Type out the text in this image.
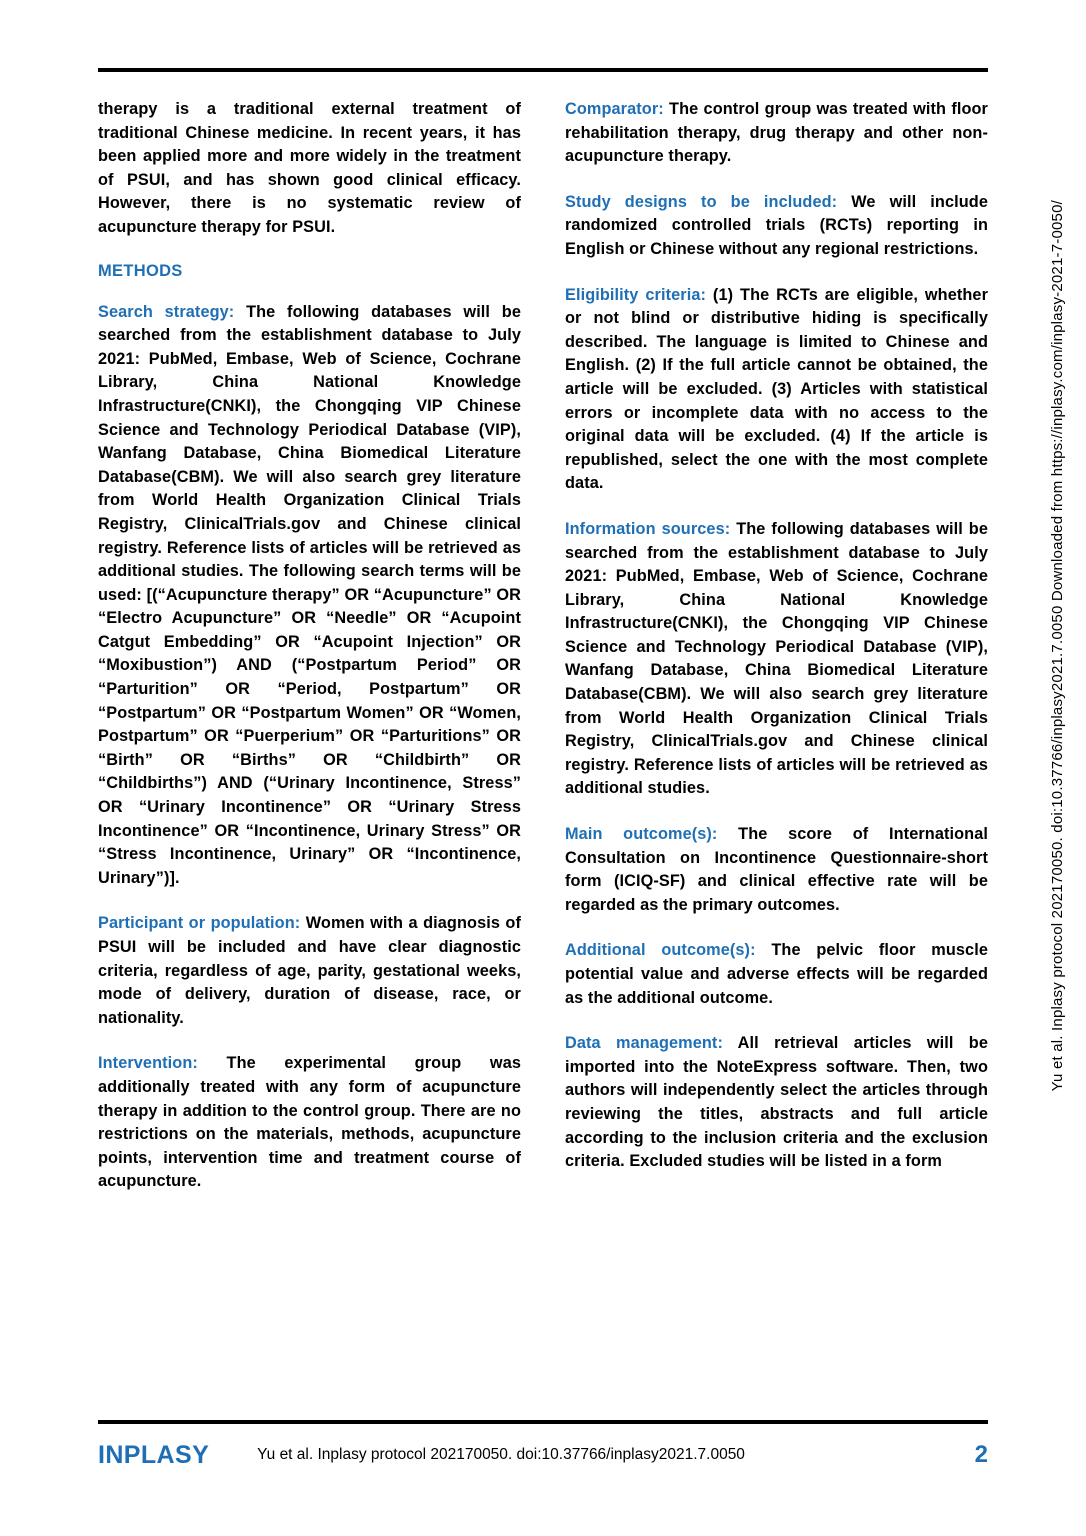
therapy is a traditional external treatment of traditional Chinese medicine. In recent years, it has been applied more and more widely in the treatment of PSUI, and has shown good clinical efficacy. However, there is no systematic review of acupuncture therapy for PSUI.

METHODS

Search strategy: The following databases will be searched from the establishment database to July 2021: PubMed, Embase, Web of Science, Cochrane Library, China National Knowledge Infrastructure(CNKI), the Chongqing VIP Chinese Science and Technology Periodical Database (VIP), Wanfang Database, China Biomedical Literature Database(CBM). We will also search grey literature from World Health Organization Clinical Trials Registry, ClinicalTrials.gov and Chinese clinical registry. Reference lists of articles will be retrieved as additional studies. The following search terms will be used: [(“Acupuncture therapy” OR “Acupuncture” OR “Electro Acupuncture” OR “Needle” OR “Acupoint Catgut Embedding” OR “Acupoint Injection” OR “Moxibustion”) AND (“Postpartum Period” OR “Parturition” OR “Period, Postpartum” OR “Postpartum” OR “Postpartum Women” OR “Women, Postpartum” OR “Puerperium” OR “Parturitions” OR “Birth” OR “Births” OR “Childbirth” OR “Childbirths”) AND (“Urinary Incontinence, Stress” OR “Urinary Incontinence” OR “Urinary Stress Incontinence” OR “Incontinence, Urinary Stress” OR “Stress Incontinence, Urinary” OR “Incontinence, Urinary”)].

Participant or population: Women with a diagnosis of PSUI will be included and have clear diagnostic criteria, regardless of age, parity, gestational weeks, mode of delivery, duration of disease, race, or nationality.

Intervention: The experimental group was additionally treated with any form of acupuncture therapy in addition to the control group. There are no restrictions on the materials, methods, acupuncture points, intervention time and treatment course of acupuncture.

Comparator: The control group was treated with floor rehabilitation therapy, drug therapy and other non-acupuncture therapy.

Study designs to be included: We will include randomized controlled trials (RCTs) reporting in English or Chinese without any regional restrictions.

Eligibility criteria: (1) The RCTs are eligible, whether or not blind or distributive hiding is specifically described. The language is limited to Chinese and English. (2) If the full article cannot be obtained, the article will be excluded. (3) Articles with statistical errors or incomplete data with no access to the original data will be excluded. (4) If the article is republished, select the one with the most complete data.

Information sources: The following databases will be searched from the establishment database to July 2021: PubMed, Embase, Web of Science, Cochrane Library, China National Knowledge Infrastructure(CNKI), the Chongqing VIP Chinese Science and Technology Periodical Database (VIP), Wanfang Database, China Biomedical Literature Database(CBM). We will also search grey literature from World Health Organization Clinical Trials Registry, ClinicalTrials.gov and Chinese clinical registry. Reference lists of articles will be retrieved as additional studies.

Main outcome(s): The score of International Consultation on Incontinence Questionnaire-short form (ICIQ-SF) and clinical effective rate will be regarded as the primary outcomes.

Additional outcome(s): The pelvic floor muscle potential value and adverse effects will be regarded as the additional outcome.

Data management: All retrieval articles will be imported into the NoteExpress software. Then, two authors will independently select the articles through reviewing the titles, abstracts and full article according to the inclusion criteria and the exclusion criteria. Excluded studies will be listed in a form

Yu et al. Inplasy protocol 202170050. doi:10.37766/inplasy2021.7.0050 Downloaded from https://inplasy.com/inplasy-2021-7-0050/
INPLASY	Yu et al. Inplasy protocol 202170050. doi:10.37766/inplasy2021.7.0050	2
